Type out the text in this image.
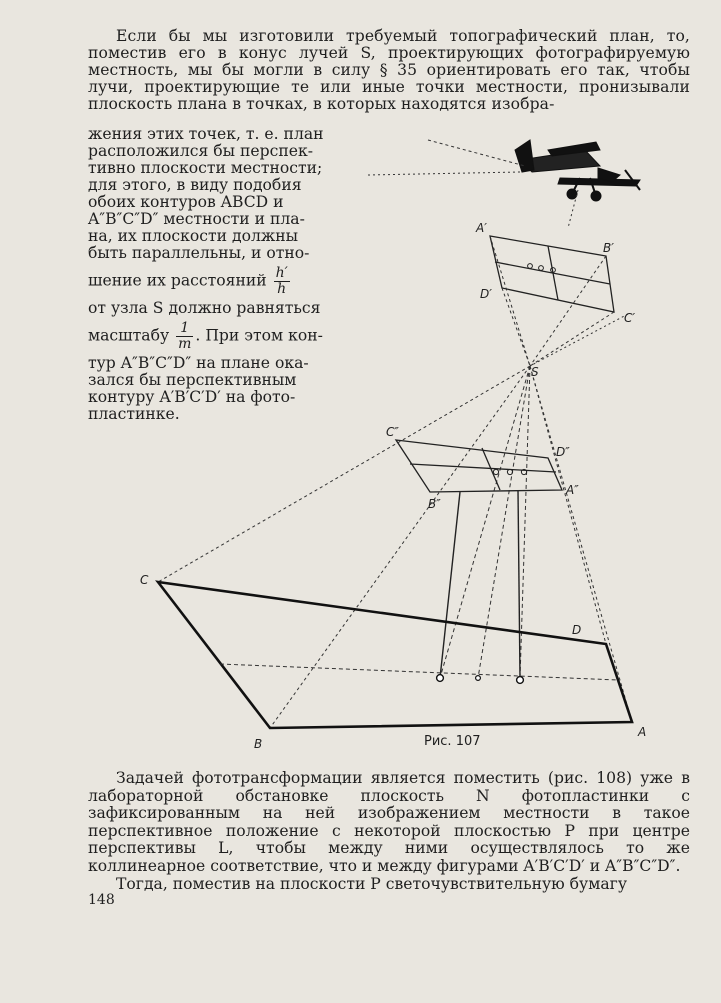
Если бы мы изготовили требуемый топографический план, то, поместив его в конус лучей S, проектирующих фотографируемую местность, мы бы могли в силу § 35 ориентировать его так, чтобы лучи, проектирующие те или иные точки местности, пронизывали плоскость плана в точках, в которых находятся изобра-
жения этих точек, т. е. план
расположился бы перспек-
тивно плоскости местности;
для этого, в виду подобия
обоих контуров ABCD и
A″B″C″D″ местности и пла-
на, их плоскости должны
быть параллельны, и отно-
шение их расстояний $\frac{h'}{h}$
от узла S должно равняться
масштабу $\frac{1}{m}$ . При этом кон-
тур A″B″C″D″ на плане ока-
зался бы перспективным
контуру A′B′C′D′ на фото-
пластинке.
A′
B′
C′
D′
S
C″
D″
A″
B″
C
D
A
B	Рис. 107
Задачей фототрансформации является поместить (рис. 108) уже в лабораторной обстановке плоскость N фотопластинки с зафиксированным на ней изображением местности в такое перспективное положение с некоторой плоскостью P при центре перспективы L, чтобы между ними осуществлялось то же коллинеарное соответствие, что и между фигурами A′B′C′D′ и A″B″C″D″.
Тогда, поместив на плоскости P светочувствительную бумагу
148
